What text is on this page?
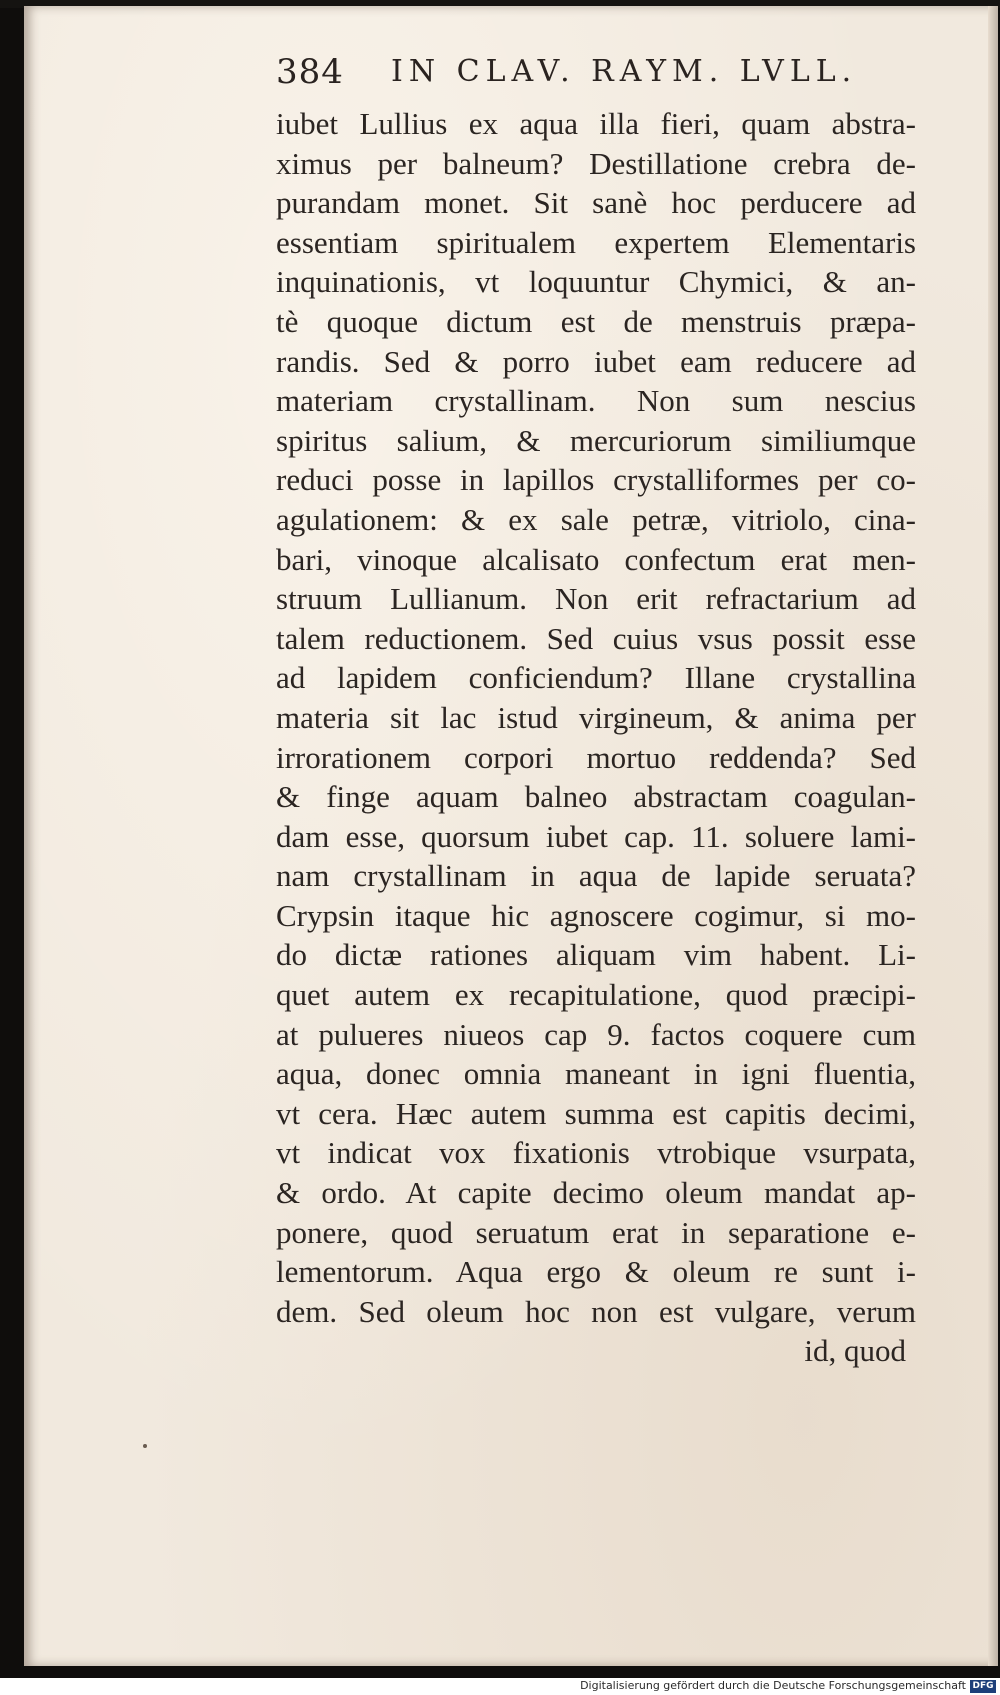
384 IN CLAV. RAYM. LVLL.
iubet Lullius ex aqua illa fieri, quam abstra-
ximus per balneum? Destillatione crebra de-
purandam monet. Sit sanè hoc perducere ad
essentiam spiritualem expertem Elementaris
inquinationis, vt loquuntur Chymici, & an-
tè quoque dictum est de menstruis præpa-
randis. Sed & porro iubet eam reducere ad
materiam crystallinam. Non sum nescius
spiritus salium, & mercuriorum similiumque
reduci posse in lapillos crystalliformes per co-
agulationem: & ex sale petræ, vitriolo, cina-
bari, vinoque alcalisato confectum erat men-
struum Lullianum. Non erit refractarium ad
talem reductionem. Sed cuius vsus possit esse
ad lapidem conficiendum? Illane crystallina
materia sit lac istud virgineum, & anima per
irrorationem corpori mortuo reddenda? Sed
& finge aquam balneo abstractam coagulan-
dam esse, quorsum iubet cap. 11. soluere lami-
nam crystallinam in aqua de lapide seruata?
Crypsin itaque hic agnoscere cogimur, si mo-
do dictæ rationes aliquam vim habent. Li-
quet autem ex recapitulatione, quod præcipi-
at pulueres niueos cap 9. factos coquere cum
aqua, donec omnia maneant in igni fluentia,
vt cera. Hæc autem summa est capitis decimi,
vt indicat vox fixationis vtrobique vsurpata,
& ordo. At capite decimo oleum mandat ap-
ponere, quod seruatum erat in separatione e-
lementorum. Aqua ergo & oleum re sunt i-
dem. Sed oleum hoc non est vulgare, verum
id, quod
Digitalisierung gefördert durch die Deutsche Forschungsgemeinschaft DFG
